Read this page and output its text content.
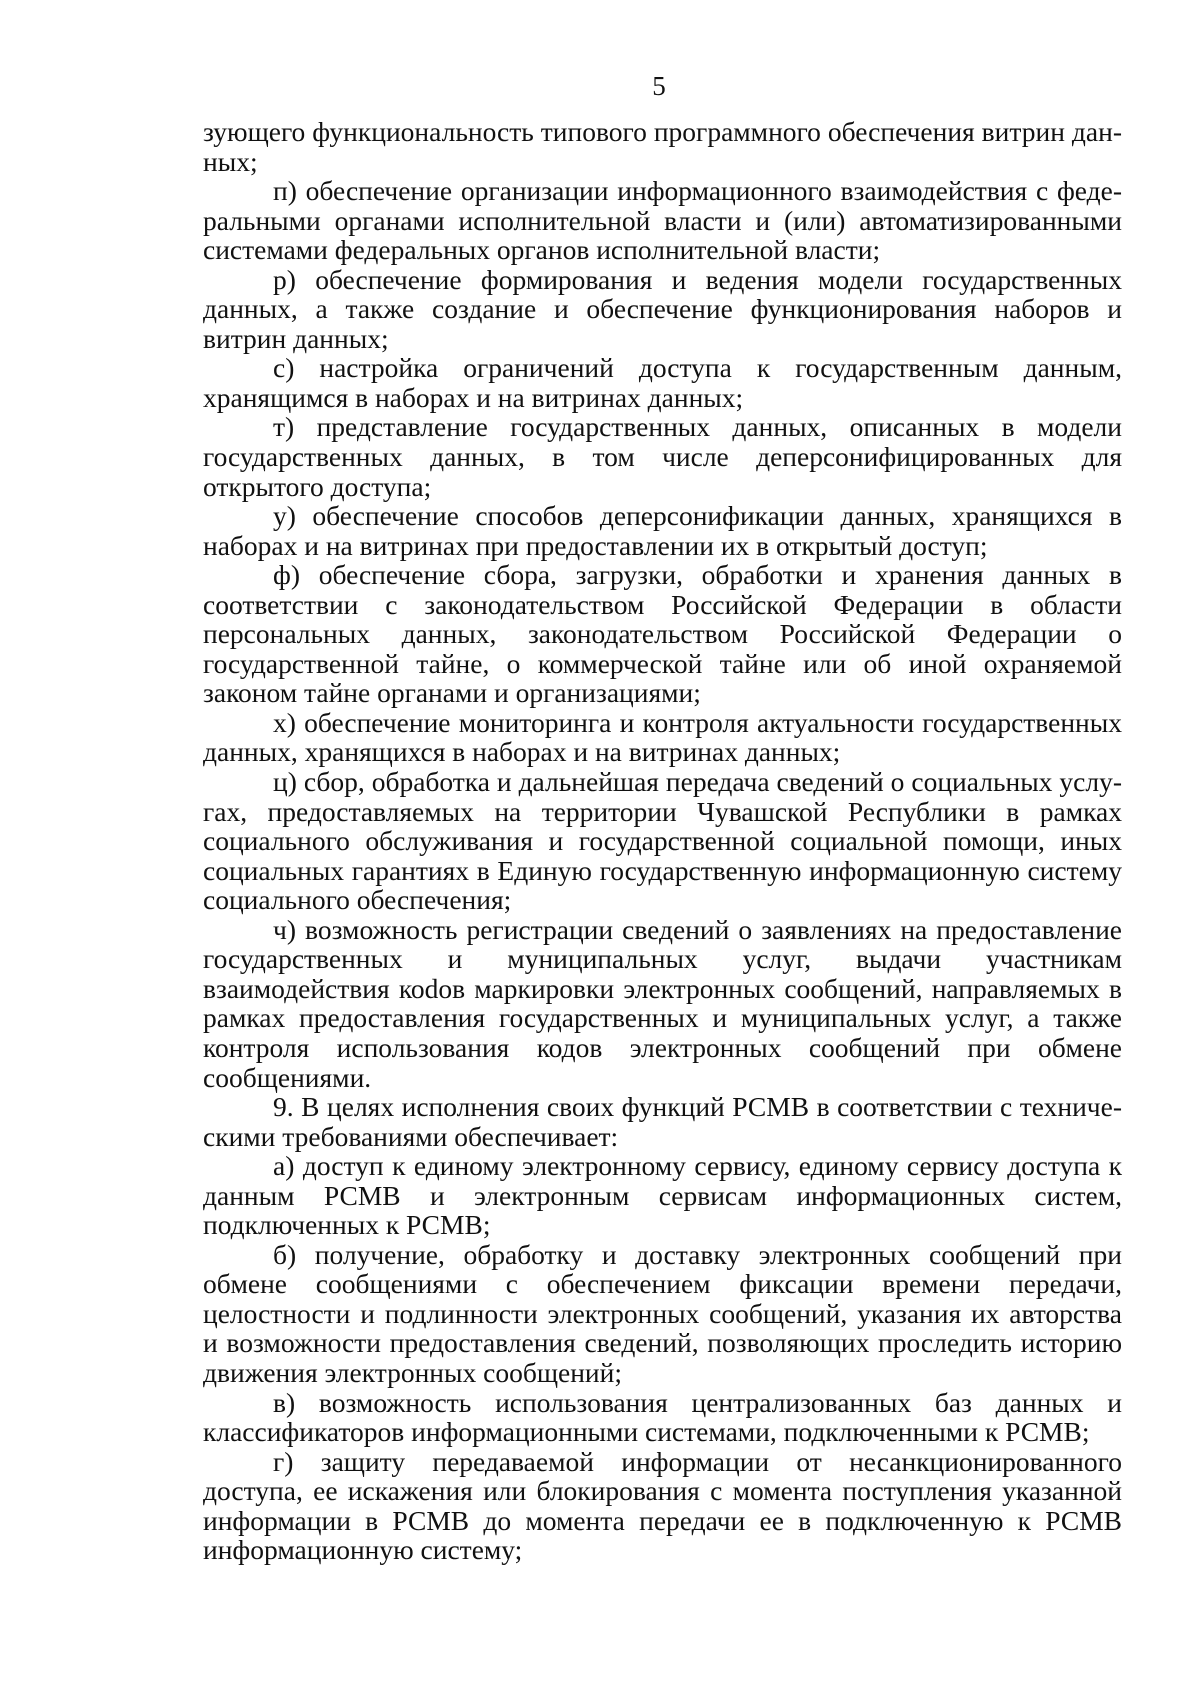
5

зующего функциональность типового программного обеспечения витрин данных;

п) обеспечение организации информационного взаимодействия с федеральными органами исполнительной власти и (или) автоматизированными системами федеральных органов исполнительной власти;

р) обеспечение формирования и ведения модели государственных данных, а также создание и обеспечение функционирования наборов и витрин данных;

с) настройка ограничений доступа к государственным данным, хранящимся в наборах и на витринах данных;

т) представление государственных данных, описанных в модели государственных данных, в том числе деперсонифицированных для открытого доступа;

у) обеспечение способов деперсонификации данных, хранящихся в наборах и на витринах при предоставлении их в открытый доступ;

ф) обеспечение сбора, загрузки, обработки и хранения данных в соответствии с законодательством Российской Федерации в области персональных данных, законодательством Российской Федерации о государственной тайне, о коммерческой тайне или об иной охраняемой законом тайне органами и организациями;

х) обеспечение мониторинга и контроля актуальности государственных данных, хранящихся в наборах и на витринах данных;

ц) сбор, обработка и дальнейшая передача сведений о социальных услугах, предоставляемых на территории Чувашской Республики в рамках социального обслуживания и государственной социальной помощи, иных социальных гарантиях в Единую государственную информационную систему социального обеспечения;

ч) возможность регистрации сведений о заявлениях на предоставление государственных и муниципальных услуг, выдачи участникам взаимодействия коdов маркировки электронных сообщений, направляемых в рамках предоставления государственных и муниципальных услуг, а также контроля использования кодов электронных сообщений при обмене сообщениями.

9. В целях исполнения своих функций РСМВ в соответствии с техническими требованиями обеспечивает:

а) доступ к единому электронному сервису, единому сервису доступа к данным РСМВ и электронным сервисам информационных систем, подключенных к РСМВ;

б) получение, обработку и доставку электронных сообщений при обмене сообщениями с обеспечением фиксации времени передачи, целостности и подлинности электронных сообщений, указания их авторства и возможности предоставления сведений, позволяющих проследить историю движения электронных сообщений;

в) возможность использования централизованных баз данных и классификаторов информационными системами, подключенными к РСМВ;

г) защиту передаваемой информации от несанкционированного доступа, ее искажения или блокирования с момента поступления указанной информации в РСМВ до момента передачи ее в подключенную к РСМВ информационную систему;
